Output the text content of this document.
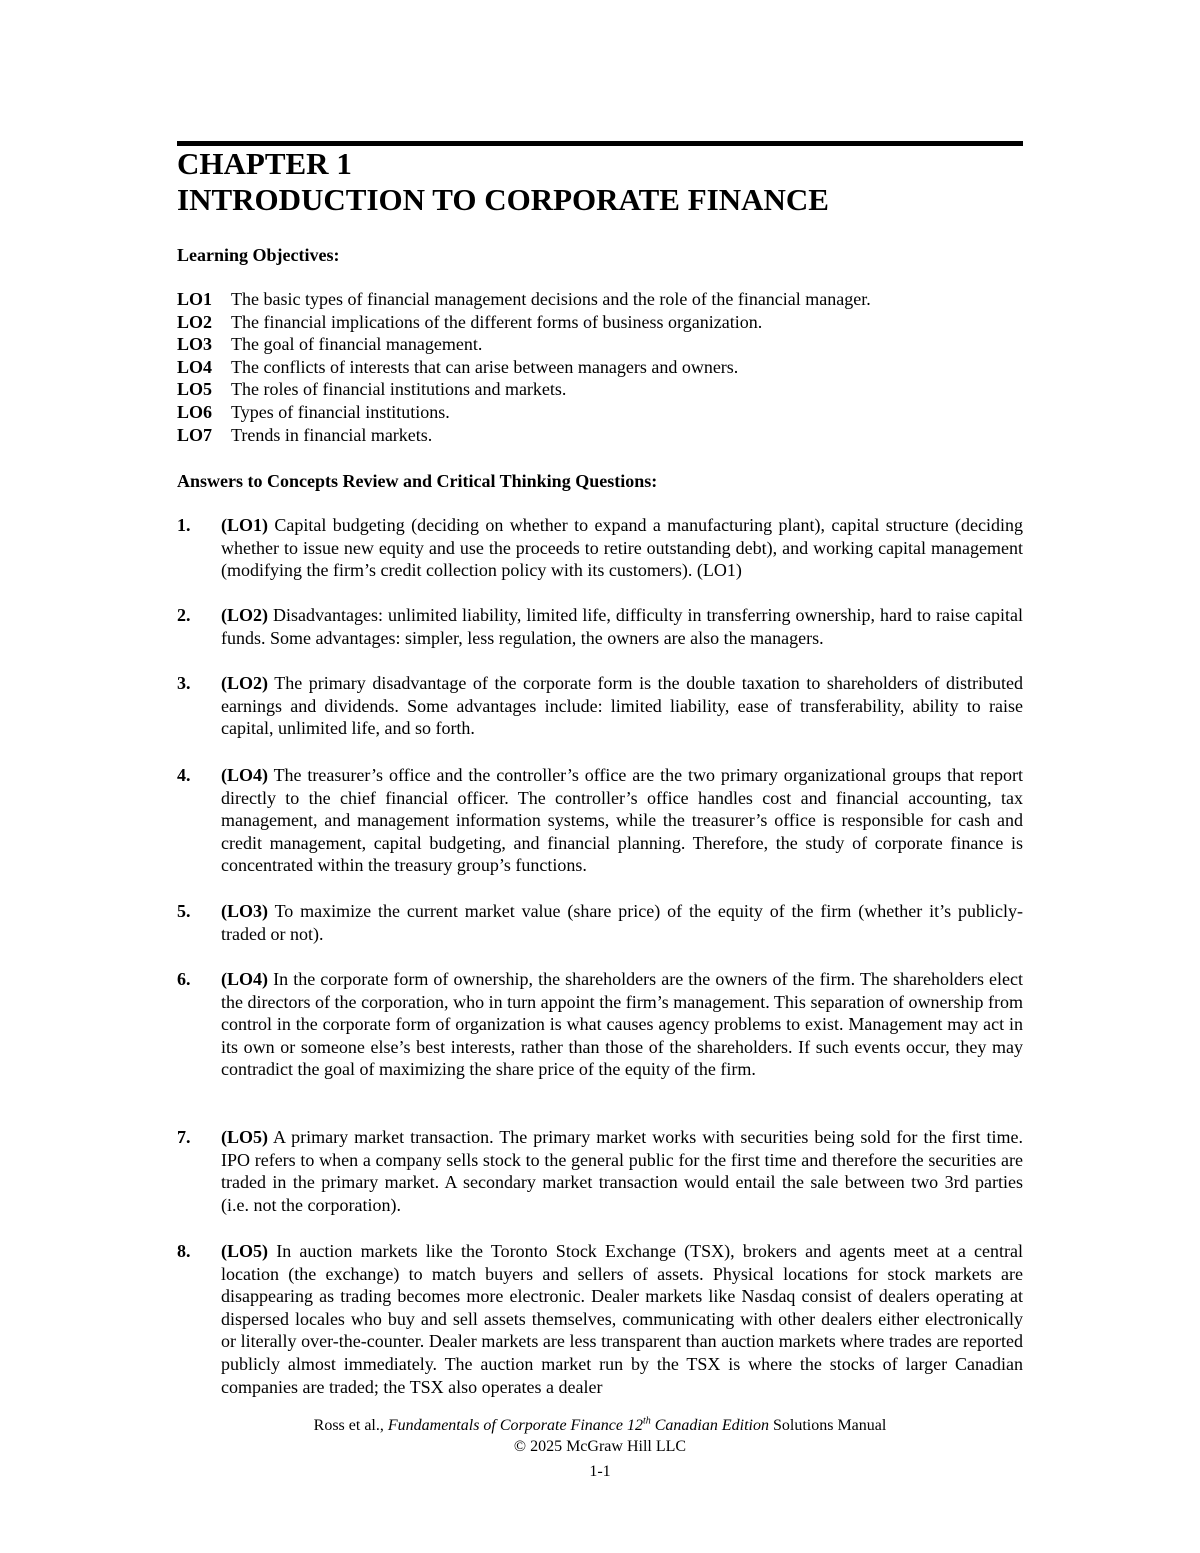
CHAPTER 1
INTRODUCTION TO CORPORATE FINANCE
Learning Objectives:
LO1	The basic types of financial management decisions and the role of the financial manager.
LO2	The financial implications of the different forms of business organization.
LO3	The goal of financial management.
LO4	The conflicts of interests that can arise between managers and owners.
LO5	The roles of financial institutions and markets.
LO6	Types of financial institutions.
LO7	Trends in financial markets.
Answers to Concepts Review and Critical Thinking Questions:
1.	(LO1) Capital budgeting (deciding on whether to expand a manufacturing plant), capital structure (deciding whether to issue new equity and use the proceeds to retire outstanding debt), and working capital management (modifying the firm’s credit collection policy with its customers). (LO1)
2.	(LO2) Disadvantages: unlimited liability, limited life, difficulty in transferring ownership, hard to raise capital funds. Some advantages: simpler, less regulation, the owners are also the managers.
3.	(LO2) The primary disadvantage of the corporate form is the double taxation to shareholders of distributed earnings and dividends. Some advantages include: limited liability, ease of transferability, ability to raise capital, unlimited life, and so forth.
4.	(LO4) The treasurer’s office and the controller’s office are the two primary organizational groups that report directly to the chief financial officer. The controller’s office handles cost and financial accounting, tax management, and management information systems, while the treasurer’s office is responsible for cash and credit management, capital budgeting, and financial planning. Therefore, the study of corporate finance is concentrated within the treasury group’s functions.
5.	(LO3) To maximize the current market value (share price) of the equity of the firm (whether it’s publicly-traded or not).
6.	(LO4) In the corporate form of ownership, the shareholders are the owners of the firm. The shareholders elect the directors of the corporation, who in turn appoint the firm’s management. This separation of ownership from control in the corporate form of organization is what causes agency problems to exist. Management may act in its own or someone else’s best interests, rather than those of the shareholders. If such events occur, they may contradict the goal of maximizing the share price of the equity of the firm.
7.	(LO5) A primary market transaction. The primary market works with securities being sold for the first time. IPO refers to when a company sells stock to the general public for the first time and therefore the securities are traded in the primary market. A secondary market transaction would entail the sale between two 3rd parties (i.e. not the corporation).
8.	(LO5) In auction markets like the Toronto Stock Exchange (TSX), brokers and agents meet at a central location (the exchange) to match buyers and sellers of assets. Physical locations for stock markets are disappearing as trading becomes more electronic. Dealer markets like Nasdaq consist of dealers operating at dispersed locales who buy and sell assets themselves, communicating with other dealers either electronically or literally over-the-counter. Dealer markets are less transparent than auction markets where trades are reported publicly almost immediately. The auction market run by the TSX is where the stocks of larger Canadian companies are traded; the TSX also operates a dealer
Ross et al., Fundamentals of Corporate Finance 12th Canadian Edition Solutions Manual
© 2025 McGraw Hill LLC
1-1
